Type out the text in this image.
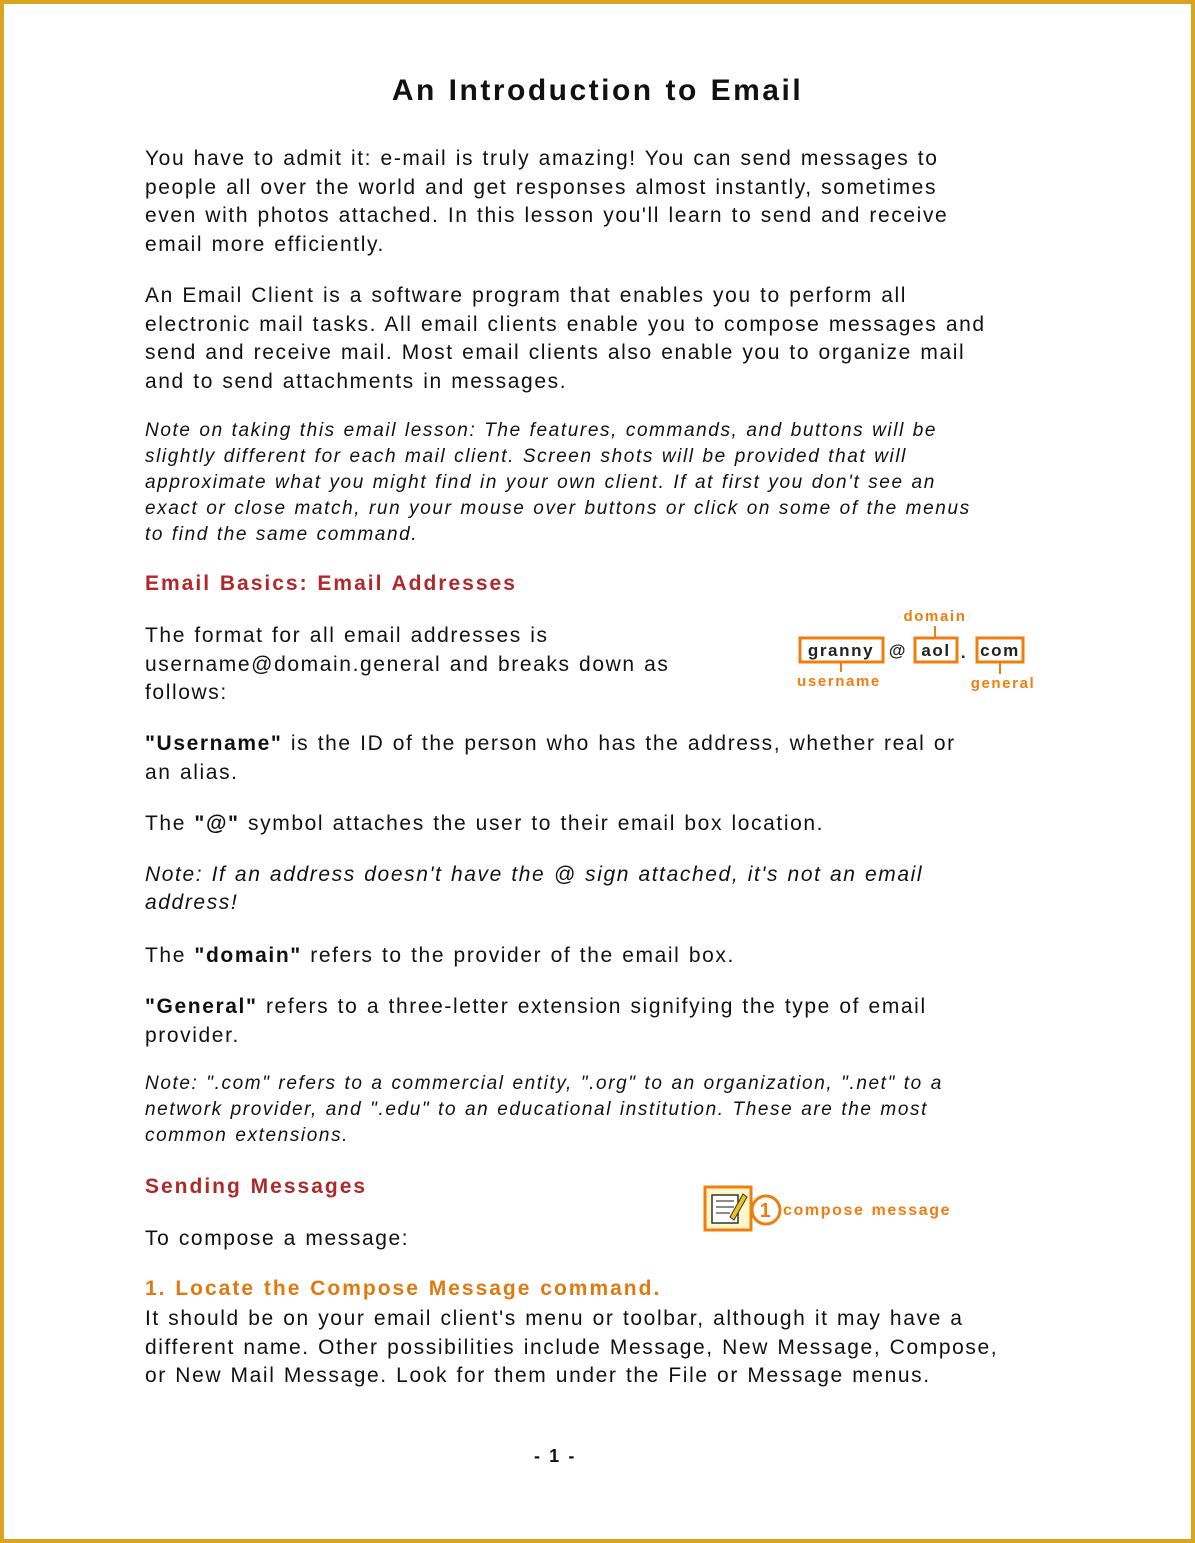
An Introduction to Email

You have to admit it: e-mail is truly amazing! You can send messages to
people all over the world and get responses almost instantly, sometimes
even with photos attached. In this lesson you'll learn to send and receive
email more efficiently.

An Email Client is a software program that enables you to perform all
electronic mail tasks. All email clients enable you to compose messages and
send and receive mail. Most email clients also enable you to organize mail
and to send attachments in messages.

Note on taking this email lesson: The features, commands, and buttons will be
slightly different for each mail client. Screen shots will be provided that will
approximate what you might find in your own client. If at first you don't see an
exact or close match, run your mouse over buttons or click on some of the menus
to find the same command.

Email Basics: Email Addresses

The format for all email addresses is
username@domain.general and breaks down as
follows:

domain
granny @ aol . com
username	general

"Username" is the ID of the person who has the address, whether real or
an alias.

The "@" symbol attaches the user to their email box location.

Note: If an address doesn't have the @ sign attached, it's not an email
address!

The "domain" refers to the provider of the email box.

"General" refers to a three-letter extension signifying the type of email
provider.

Note: ".com" refers to a commercial entity, ".org" to an organization, ".net" to a
network provider, and ".edu" to an educational institution. These are the most
common extensions.

Sending Messages

To compose a message:

1 compose message
1. Locate the Compose Message command.

It should be on your email client's menu or toolbar, although it may have a
different name. Other possibilities include Message, New Message, Compose,
or New Mail Message. Look for them under the File or Message menus.

- 1 -
